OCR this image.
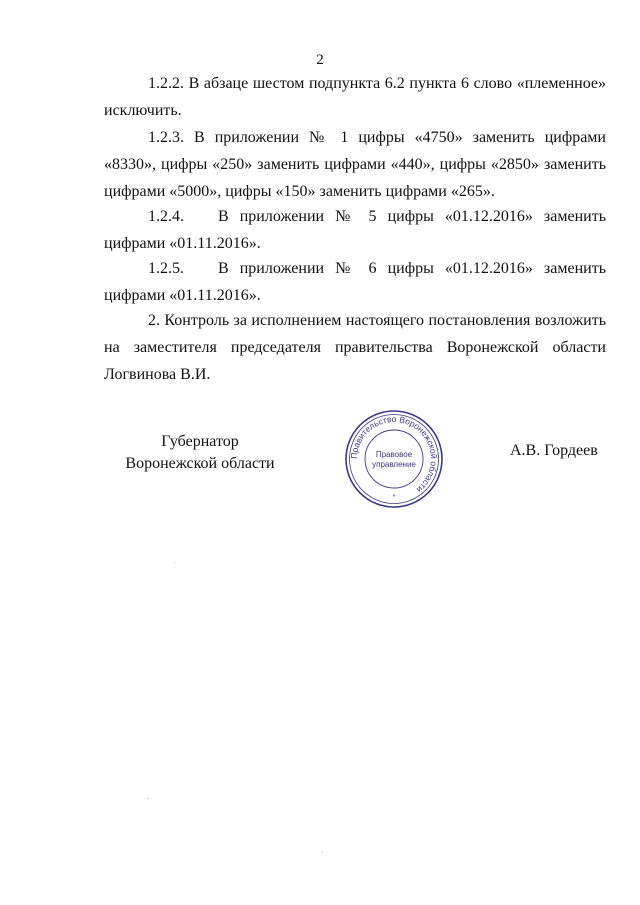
2
1.2.2. В абзаце шестом подпункта 6.2 пункта 6 слово «племенное» исключить.
1.2.3. В приложении № 1 цифры «4750» заменить цифрами «8330», цифры «250» заменить цифрами «440», цифры «2850» заменить цифрами «5000», цифры «150» заменить цифрами «265».
1.2.4. В приложении № 5 цифры «01.12.2016» заменить цифрами «01.11.2016».
1.2.5. В приложении № 6 цифры «01.12.2016» заменить цифрами «01.11.2016».
2. Контроль за исполнением настоящего постановления возложить на заместителя председателя правительства Воронежской области Логвинова В.И.
Губернатор
Воронежской области	Правительство Воронежской области
Правовое
управление
*
А.В. Гордеев
